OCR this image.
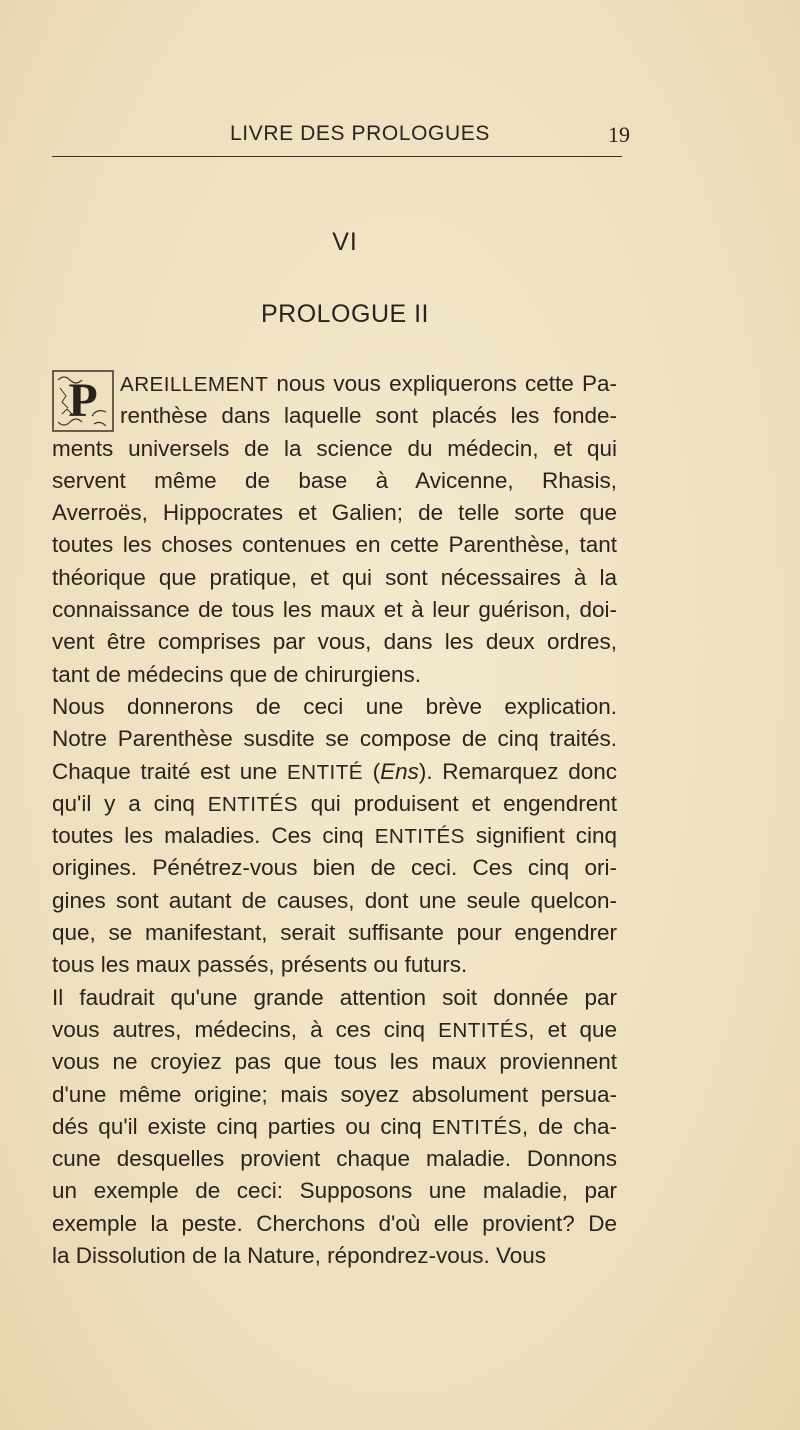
LIVRE DES PROLOGUES	19
VI
PROLOGUE II
P	AREILLEMENT nous vous expliquerons cette Pa-
renthèse dans laquelle sont placés les fonde-
ments universels de la science du médecin, et qui
servent même de base à Avicenne, Rhasis,
Averroës, Hippocrates et Galien; de telle sorte que
toutes les choses contenues en cette Parenthèse, tant
théorique que pratique, et qui sont nécessaires à la
connaissance de tous les maux et à leur guérison, doi-
vent être comprises par vous, dans les deux ordres,
tant de médecins que de chirurgiens.
Nous donnerons de ceci une brève explication.
Notre Parenthèse susdite se compose de cinq traités.
Chaque traité est une ENTITÉ (Ens). Remarquez donc
qu'il y a cinq ENTITÉS qui produisent et engendrent
toutes les maladies. Ces cinq ENTITÉS signifient cinq
origines. Pénétrez-vous bien de ceci. Ces cinq ori-
gines sont autant de causes, dont une seule quelcon-
que, se manifestant, serait suffisante pour engendrer
tous les maux passés, présents ou futurs.
Il faudrait qu'une grande attention soit donnée par
vous autres, médecins, à ces cinq ENTITÉS, et que
vous ne croyiez pas que tous les maux proviennent
d'une même origine; mais soyez absolument persua-
dés qu'il existe cinq parties ou cinq ENTITÉS, de cha-
cune desquelles provient chaque maladie. Donnons
un exemple de ceci: Supposons une maladie, par
exemple la peste. Cherchons d'où elle provient? De
la Dissolution de la Nature, répondrez-vous. Vous
